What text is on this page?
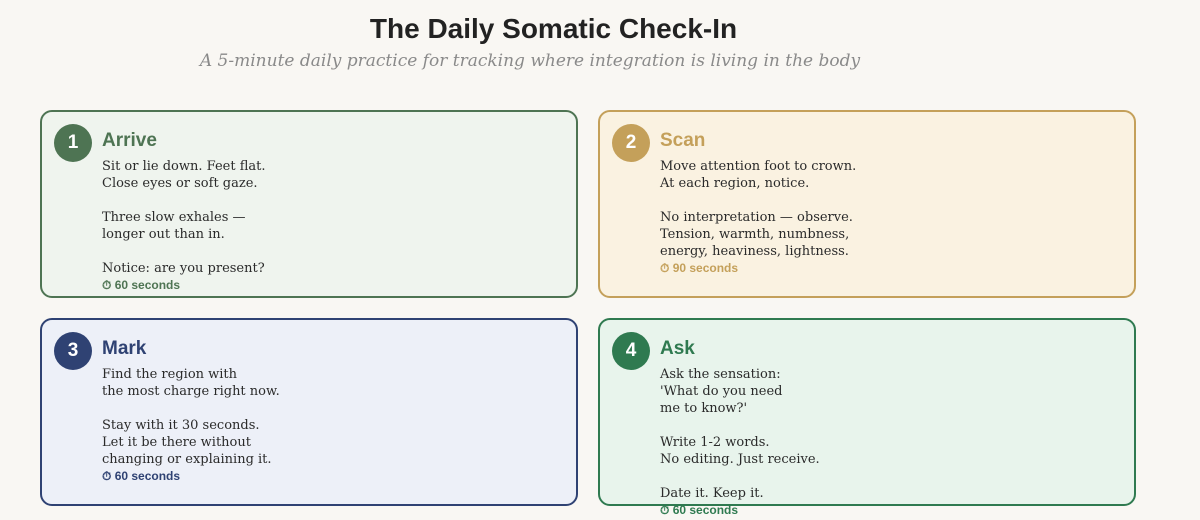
The Daily Somatic Check-In
A 5-minute daily practice for tracking where integration is living in the body
1	Arrive
Sit or lie down. Feet flat.
Close eyes or soft gaze.
Three slow exhales —
longer out than in.
Notice: are you present?
⏱ 60 seconds
2	Scan
Move attention foot to crown.
At each region, notice.
No interpretation — observe.
Tension, warmth, numbness,
energy, heaviness, lightness.
⏱ 90 seconds
3	Mark
Find the region with
the most charge right now.
Stay with it 30 seconds.
Let it be there without
changing or explaining it.
⏱ 60 seconds
4	Ask
Ask the sensation:
'What do you need
me to know?'
Write 1-2 words.
No editing. Just receive.
Date it. Keep it.
⏱ 60 seconds
